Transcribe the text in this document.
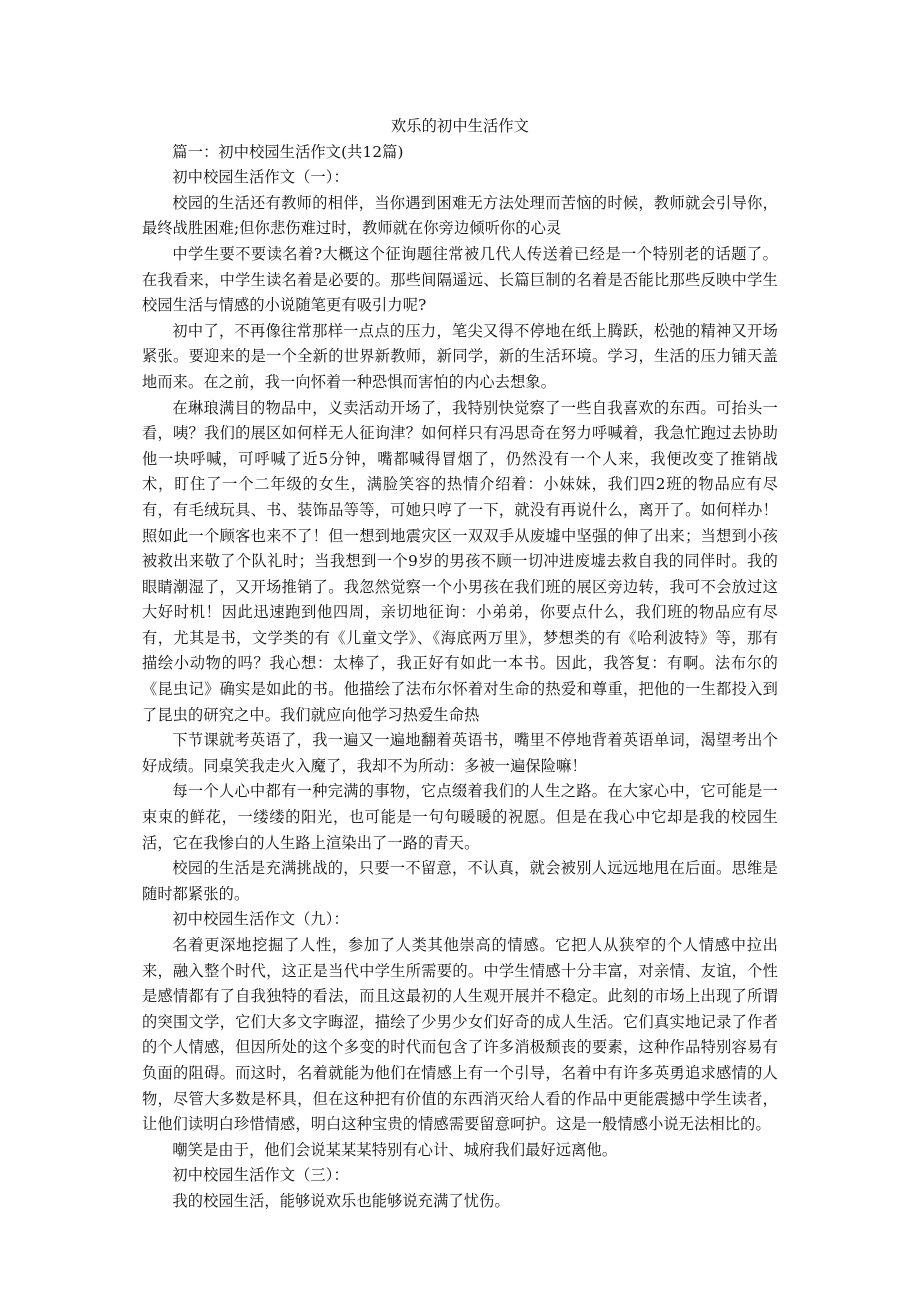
欢乐的初中生活作文

篇一：初中校园生活作文(共12篇)

初中校园生活作文（一）：

校园的生活还有教师的相伴，当你遇到困难无方法处理而苦恼的时候，教师就会引导你，最终战胜困难;但你悲伤难过时，教师就在你旁边倾听你的心灵

中学生要不要读名着?大概这个征询题往常被几代人传送着已经是一个特别老的话题了。在我看来，中学生读名着是必要的。那些间隔遥远、长篇巨制的名着是否能比那些反映中学生校园生活与情感的小说随笔更有吸引力呢?

初中了，不再像往常那样一点点的压力，笔尖又得不停地在纸上腾跃，松弛的精神又开场紧张。要迎来的是一个全新的世界新教师，新同学，新的生活环境。学习，生活的压力铺天盖地而来。在之前，我一向怀着一种恐惧而害怕的内心去想象。

在琳琅满目的物品中，义卖活动开场了，我特别快觉察了一些自我喜欢的东西。可抬头一看，咦？我们的展区如何样无人征询津？如何样只有冯思奇在努力呼喊着，我急忙跑过去协助他一块呼喊，可呼喊了近5分钟，嘴都喊得冒烟了，仍然没有一个人来，我便改变了推销战术，盯住了一个二年级的女生，满脸笑容的热情介绍着：小妹妹，我们四2班的物品应有尽有，有毛绒玩具、书、装饰品等等，可她只哼了一下，就没有再说什么，离开了。如何样办！照如此一个顾客也来不了！但一想到地震灾区一双双手从废墟中坚强的伸了出来；当想到小孩被救出来敬了个队礼时；当我想到一个9岁的男孩不顾一切冲进废墟去救自我的同伴时。我的眼睛潮湿了，又开场推销了。我忽然觉察一个小男孩在我们班的展区旁边转，我可不会放过这大好时机！因此迅速跑到他四周，亲切地征询：小弟弟，你要点什么，我们班的物品应有尽有，尤其是书，文学类的有《儿童文学》、《海底两万里》，梦想类的有《哈利波特》等，那有描绘小动物的吗？我心想：太棒了，我正好有如此一本书。因此，我答复：有啊。法布尔的《昆虫记》确实是如此的书。他描绘了法布尔怀着对生命的热爱和尊重，把他的一生都投入到了昆虫的研究之中。我们就应向他学习热爱生命热

下节课就考英语了，我一遍又一遍地翻着英语书，嘴里不停地背着英语单词，渴望考出个好成绩。同桌笑我走火入魔了，我却不为所动：多被一遍保险嘛！

每一个人心中都有一种完满的事物，它点缀着我们的人生之路。在大家心中，它可能是一束束的鲜花，一缕缕的阳光，也可能是一句句暖暖的祝愿。但是在我心中它却是我的校园生活，它在我惨白的人生路上渲染出了一路的青天。

校园的生活是充满挑战的，只要一不留意，不认真，就会被别人远远地甩在后面。思维是随时都紧张的。

初中校园生活作文（九）：

名着更深地挖掘了人性，参加了人类其他崇高的情感。它把人从狭窄的个人情感中拉出来，融入整个时代，这正是当代中学生所需要的。中学生情感十分丰富，对亲情、友谊，个性是感情都有了自我独特的看法，而且这最初的人生观开展并不稳定。此刻的市场上出现了所谓的突围文学，它们大多文字晦涩，描绘了少男少女们好奇的成人生活。它们真实地记录了作者的个人情感，但因所处的这个多变的时代而包含了许多消极颓丧的要素，这种作品特别容易有负面的阻碍。而这时，名着就能为他们在情感上有一个引导，名着中有许多英勇追求感情的人物，尽管大多数是杯具，但在这种把有价值的东西消灭给人看的作品中更能震撼中学生读者，让他们读明白珍惜情感，明白这种宝贵的情感需要留意呵护。这是一般情感小说无法相比的。

嘲笑是由于，他们会说某某某特别有心计、城府我们最好远离他。

初中校园生活作文（三）：

我的校园生活，能够说欢乐也能够说充满了忧伤。
